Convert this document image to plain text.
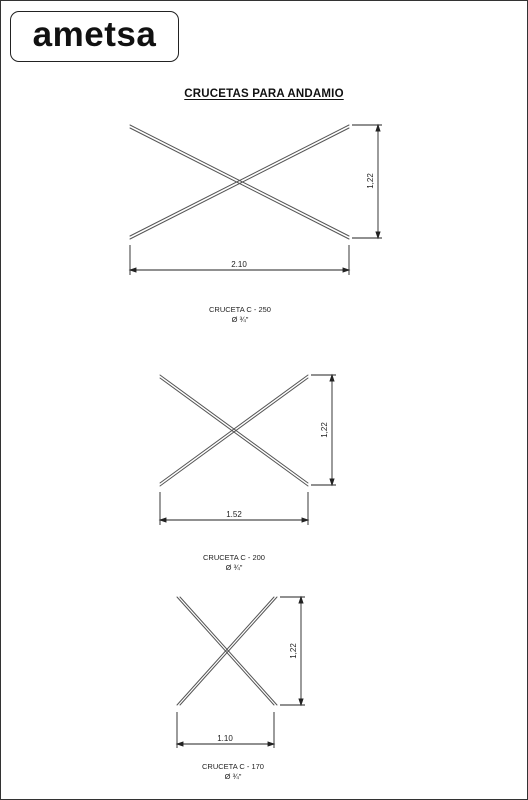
ametsa
CRUCETAS PARA ANDAMIO
2.10
1,22
1.52
1,22
1.10
1,22
CRUCETA C - 250
Ø ¾"
CRUCETA C - 200
Ø ¾"
CRUCETA C - 170
Ø ¾"
